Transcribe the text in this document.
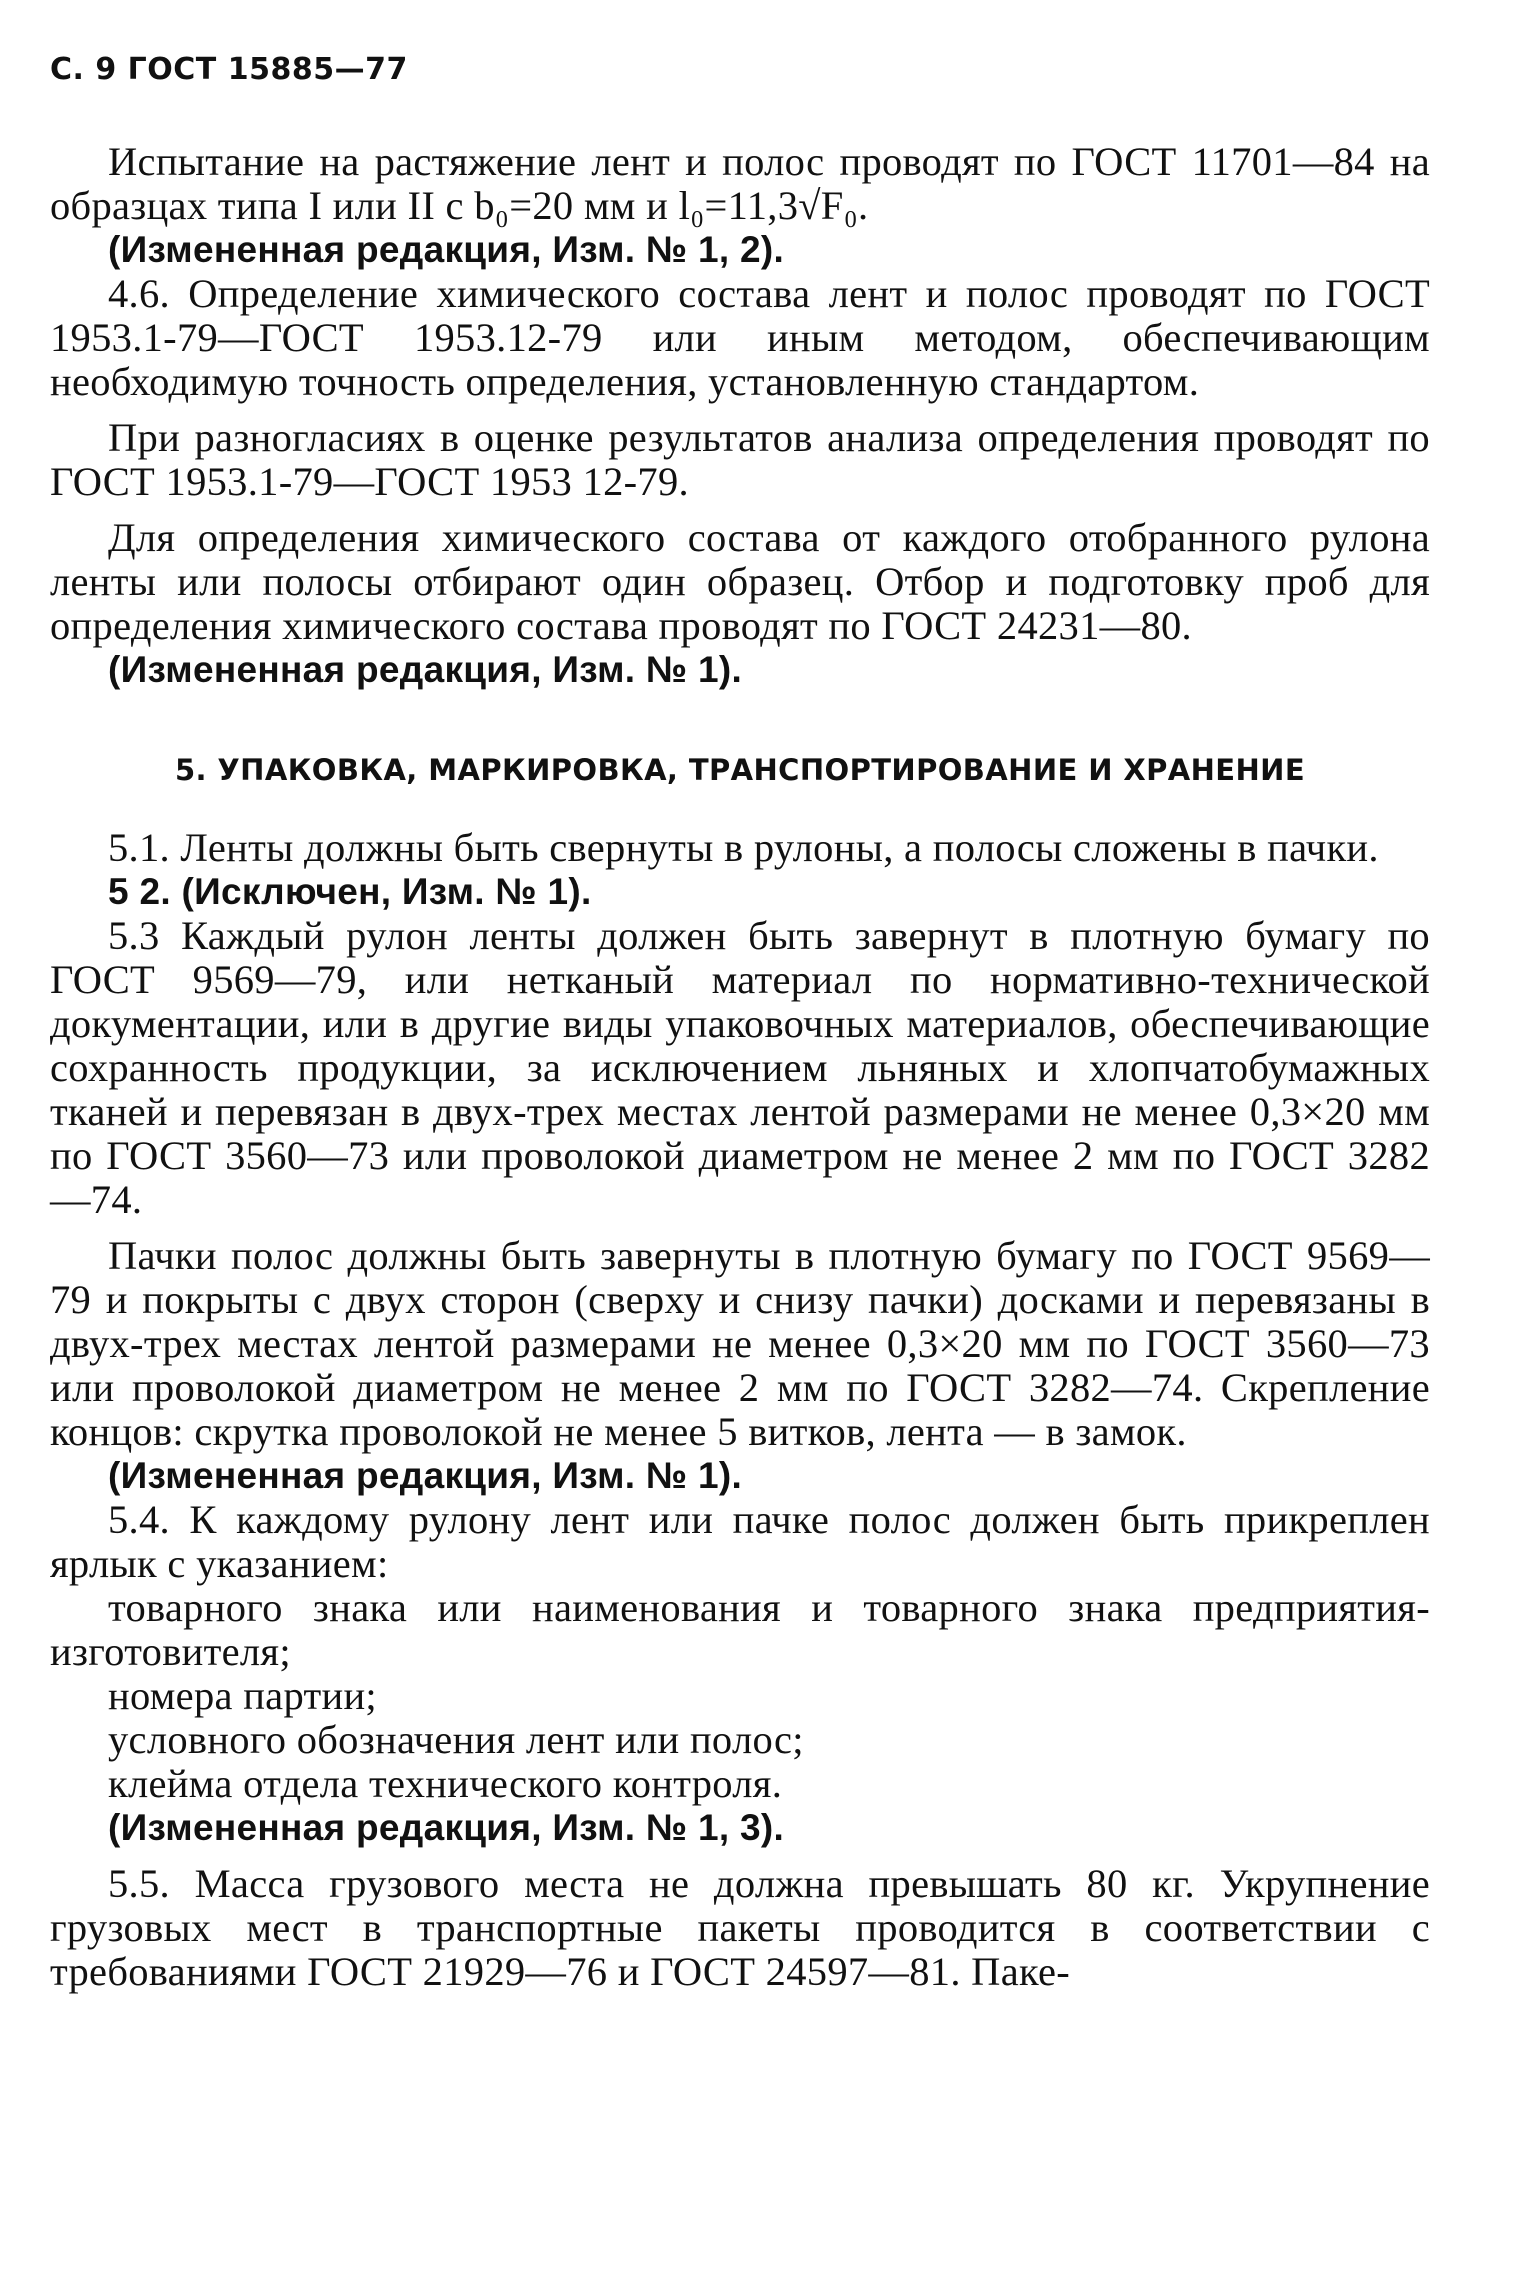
С. 9 ГОСТ 15885—77

Испытание на растяжение лент и полос проводят по ГОСТ 11701—84 на образцах типа I или II с b₀=20 мм и l₀=11,3√F₀.

(Измененная редакция, Изм. № 1, 2).

4.6. Определение химического состава лент и полос проводят по ГОСТ 1953.1-79—ГОСТ 1953.12-79 или иным методом, обеспечивающим необходимую точность определения, установленную стандартом.

При разногласиях в оценке результатов анализа определения проводят по ГОСТ 1953.1-79—ГОСТ 1953 12-79.

Для определения химического состава от каждого отобранного рулона ленты или полосы отбирают один образец. Отбор и подготовку проб для определения химического состава проводят по ГОСТ 24231—80.

(Измененная редакция, Изм. № 1).

5. УПАКОВКА, МАРКИРОВКА, ТРАНСПОРТИРОВАНИЕ И ХРАНЕНИЕ

5.1. Ленты должны быть свернуты в рулоны, а полосы сложены в пачки.

5 2. (Исключен, Изм. № 1).

5.3 Каждый рулон ленты должен быть завернут в плотную бумагу по ГОСТ 9569—79, или нетканый материал по нормативно-технической документации, или в другие виды упаковочных материалов, обеспечивающие сохранность продукции, за исключением льняных и хлопчатобумажных тканей и перевязан в двух-трех местах лентой размерами не менее 0,3×20 мм по ГОСТ 3560—73 или проволокой диаметром не менее 2 мм по ГОСТ 3282—74.

Пачки полос должны быть завернуты в плотную бумагу по ГОСТ 9569—79 и покрыты с двух сторон (сверху и снизу пачки) досками и перевязаны в двух-трех местах лентой размерами не менее 0,3×20 мм по ГОСТ 3560—73 или проволокой диаметром не менее 2 мм по ГОСТ 3282—74. Скрепление концов: скрутка проволокой не менее 5 витков, лента — в замок.

(Измененная редакция, Изм. № 1).

5.4. К каждому рулону лент или пачке полос должен быть прикреплен ярлык с указанием:

товарного знака или наименования и товарного знака предприятия-изготовителя;

номера партии;

условного обозначения лент или полос;

клейма отдела технического контроля.

(Измененная редакция, Изм. № 1, 3).

5.5. Масса грузового места не должна превышать 80 кг. Укрупнение грузовых мест в транспортные пакеты проводится в соответствии с требованиями ГОСТ 21929—76 и ГОСТ 24597—81. Паке-
